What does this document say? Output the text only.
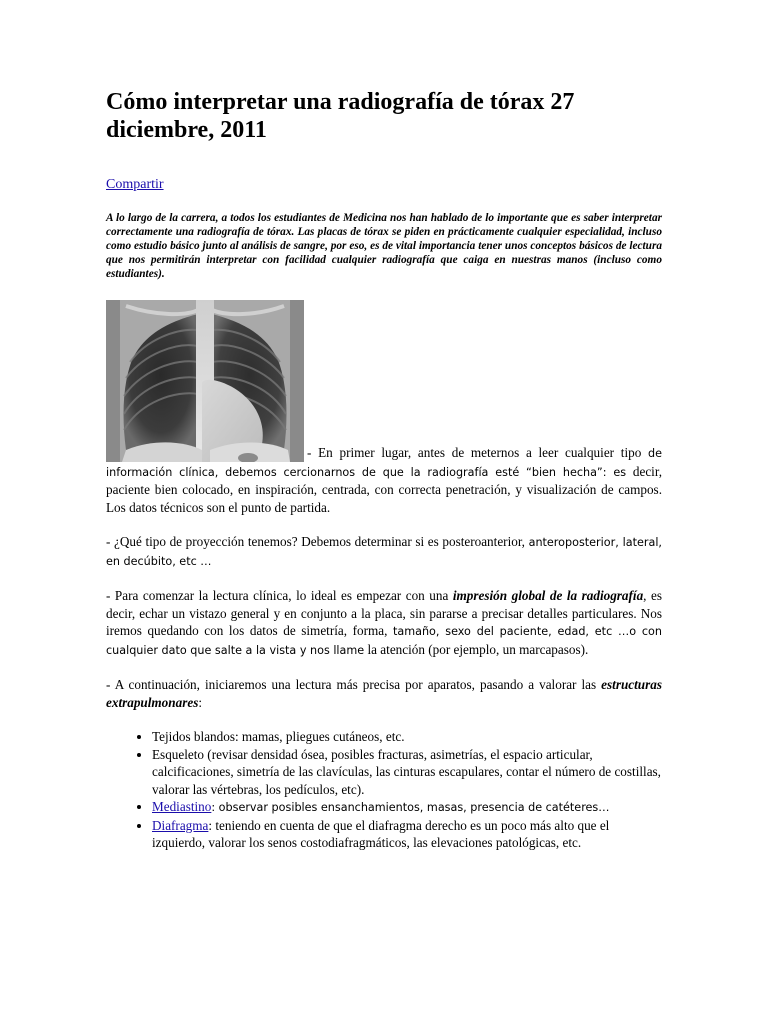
Cómo interpretar una radiografía de tórax 27 diciembre, 2011
Compartir

A lo largo de la carrera, a todos los estudiantes de Medicina nos han hablado de lo importante que es saber interpretar correctamente una radiografía de tórax. Las placas de tórax se piden en prácticamente cualquier especialidad, incluso como estudio básico junto al análisis de sangre, por eso, es de vital importancia tener unos conceptos básicos de lectura que nos permitirán interpretar con facilidad cualquier radiografía que caiga en nuestras manos (incluso como estudiantes).

- En primer lugar, antes de meternos a leer cualquier tipo de información clínica, debemos cercionarnos de que la radiografía esté “bien hecha”: es decir, paciente bien colocado, en inspiración, centrada, con correcta penetración, y visualización de campos. Los datos técnicos son el punto de partida.

- ¿Qué tipo de proyección tenemos? Debemos determinar si es posteroanterior, anteroposterior, lateral, en decúbito, etc …

- Para comenzar la lectura clínica, lo ideal es empezar con una impresión global de la radiografía, es decir, echar un vistazo general y en conjunto a la placa, sin pararse a precisar detalles particulares. Nos iremos quedando con los datos de simetría, forma, tamaño, sexo del paciente, edad, etc …o con cualquier dato que salte a la vista y nos llame la atención (por ejemplo, un marcapasos).

- A continuación, iniciaremos una lectura más precisa por aparatos, pasando a valorar las estructuras extrapulmonares:

• Tejidos blandos: mamas, pliegues cutáneos, etc.
• Esqueleto (revisar densidad ósea, posibles fracturas, asimetrías, el espacio articular, calcificaciones, simetría de las clavículas, las cinturas escapulares, contar el número de costillas, valorar las vértebras, los pedículos, etc).
• Mediastino: observar posibles ensanchamientos, masas, presencia de catéteres…
• Diafragma: teniendo en cuenta de que el diafragma derecho es un poco más alto que el izquierdo, valorar los senos costodiafragmáticos, las elevaciones patológicas, etc.
